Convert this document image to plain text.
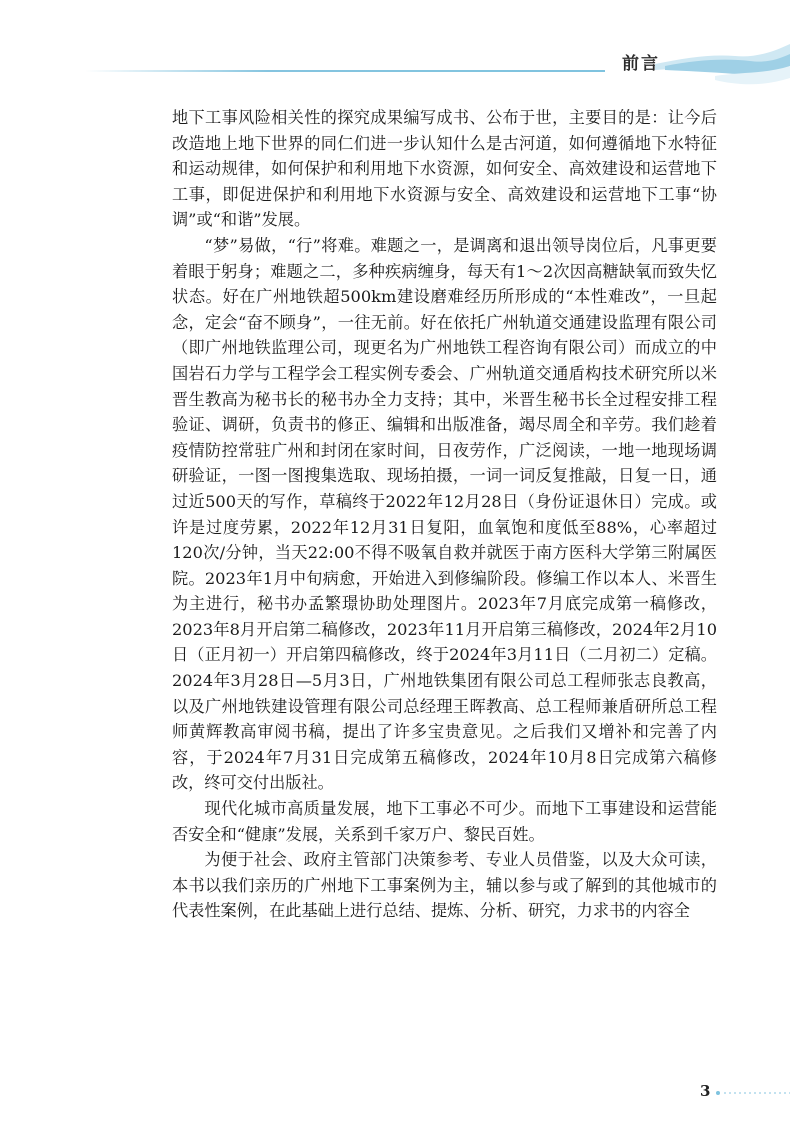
前言

地下工事风险相关性的探究成果编写成书、公布于世，主要目的是：让今后改造地上地下世界的同仁们进一步认知什么是古河道，如何遵循地下水特征和运动规律，如何保护和利用地下水资源，如何安全、高效建设和运营地下工事，即促进保护和利用地下水资源与安全、高效建设和运营地下工事“协调”或“和谐”发展。

“梦”易做，“行”将难。难题之一，是调离和退出领导岗位后，凡事更要着眼于躬身；难题之二，多种疾病缠身，每天有1～2次因高糖缺氧而致失忆状态。好在广州地铁超500km建设磨难经历所形成的“本性难改”，一旦起念，定会“奋不顾身”，一往无前。好在依托广州轨道交通建设监理有限公司（即广州地铁监理公司，现更名为广州地铁工程咨询有限公司）而成立的中国岩石力学与工程学会工程实例专委会、广州轨道交通盾构技术研究所以米晋生教高为秘书长的秘书办全力支持；其中，米晋生秘书长全过程安排工程验证、调研，负责书的修正、编辑和出版准备，竭尽周全和辛劳。我们趁着疫情防控常驻广州和封闭在家时间，日夜劳作，广泛阅读，一地一地现场调研验证，一图一图搜集选取、现场拍摄，一词一词反复推敲，日复一日，通过近500天的写作，草稿终于2022年12月28日（身份证退休日）完成。或许是过度劳累，2022年12月31日复阳，血氧饱和度低至88%，心率超过120次/分钟，当天22:00不得不吸氧自救并就医于南方医科大学第三附属医院。2023年1月中旬病愈，开始进入到修编阶段。修编工作以本人、米晋生为主进行，秘书办孟繁璟协助处理图片。2023年7月底完成第一稿修改，2023年8月开启第二稿修改，2023年11月开启第三稿修改，2024年2月10日（正月初一）开启第四稿修改，终于2024年3月11日（二月初二）定稿。2024年3月28日—5月3日，广州地铁集团有限公司总工程师张志良教高，以及广州地铁建设管理有限公司总经理王晖教高、总工程师兼盾研所总工程师黄辉教高审阅书稿，提出了许多宝贵意见。之后我们又增补和完善了内容，于2024年7月31日完成第五稿修改，2024年10月8日完成第六稿修改，终可交付出版社。

现代化城市高质量发展，地下工事必不可少。而地下工事建设和运营能否安全和“健康”发展，关系到千家万户、黎民百姓。

为便于社会、政府主管部门决策参考、专业人员借鉴，以及大众可读，本书以我们亲历的广州地下工事案例为主，辅以参与或了解到的其他城市的代表性案例，在此基础上进行总结、提炼、分析、研究，力求书的内容全

3
